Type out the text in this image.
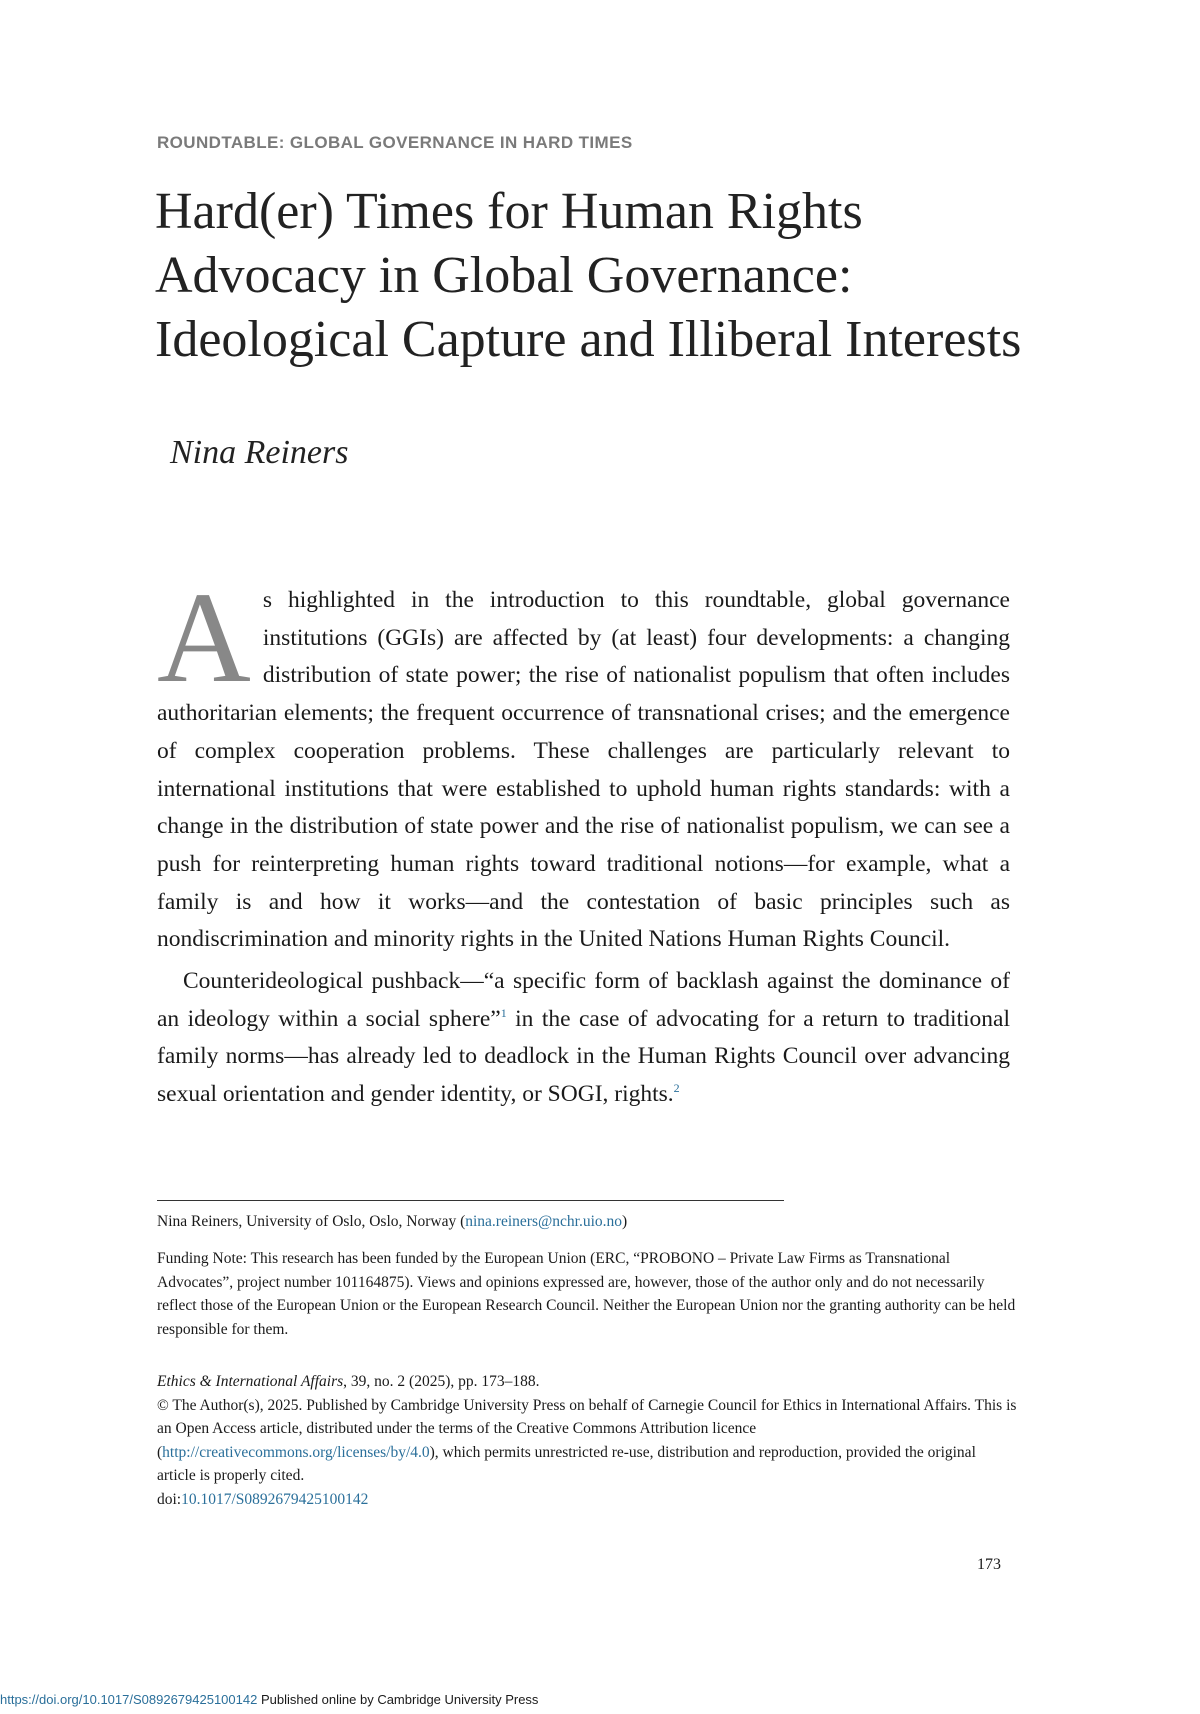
ROUNDTABLE: GLOBAL GOVERNANCE IN HARD TIMES
Hard(er) Times for Human Rights Advocacy in Global Governance: Ideological Capture and Illiberal Interests
Nina Reiners

As highlighted in the introduction to this roundtable, global governance institutions (GGIs) are affected by (at least) four developments: a changing distribution of state power; the rise of nationalist populism that often includes authoritarian elements; the frequent occurrence of transnational crises; and the emergence of complex cooperation problems. These challenges are particularly relevant to international institutions that were established to uphold human rights standards: with a change in the distribution of state power and the rise of nationalist populism, we can see a push for reinterpreting human rights toward traditional notions—for example, what a family is and how it works—and the contestation of basic principles such as nondiscrimination and minority rights in the United Nations Human Rights Council.

Counterideological pushback—“a specific form of backlash against the dominance of an ideology within a social sphere”$^1$ in the case of advocating for a return to traditional family norms—has already led to deadlock in the Human Rights Council over advancing sexual orientation and gender identity, or SOGI, rights.$^2$

Nina Reiners, University of Oslo, Oslo, Norway (nina.reiners@nchr.uio.no)

Funding Note: This research has been funded by the European Union (ERC, “PROBONO – Private Law Firms as Transnational Advocates”, project number 101164875). Views and opinions expressed are, however, those of the author only and do not necessarily reflect those of the European Union or the European Research Council. Neither the European Union nor the granting authority can be held responsible for them.

Ethics & International Affairs, 39, no. 2 (2025), pp. 173–188.

© The Author(s), 2025. Published by Cambridge University Press on behalf of Carnegie Council for Ethics in International Affairs. This is an Open Access article, distributed under the terms of the Creative Commons Attribution licence (http://creativecommons.org/licenses/by/4.0), which permits unrestricted re-use, distribution and reproduction, provided the original article is properly cited.

doi:10.1017/S0892679425100142

173
https://doi.org/10.1017/S0892679425100142 Published online by Cambridge University Press
